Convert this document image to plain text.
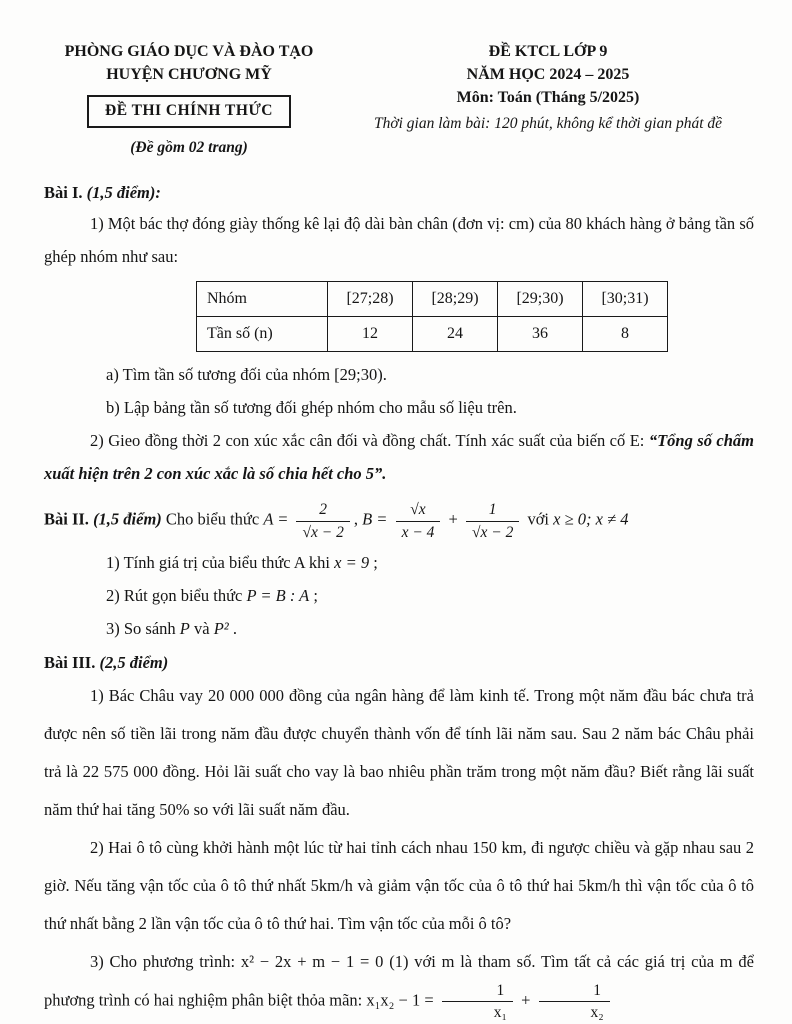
PHÒNG GIÁO DỤC VÀ ĐÀO TẠO
HUYỆN CHƯƠNG MỸ
ĐỀ THI CHÍNH THỨC
(Đề gồm 02 trang)
ĐỀ KTCL LỚP 9
NĂM HỌC 2024 – 2025
Môn: Toán (Tháng 5/2025)
Thời gian làm bài: 120 phút, không kể thời gian phát đề

Bài I. (1,5 điểm):

1) Một bác thợ đóng giày thống kê lại độ dài bàn chân (đơn vị: cm) của 80 khách hàng ở bảng tần số ghép nhóm như sau:

Nhóm	[27;28)	[28;29)	[29;30)	[30;31)
Tần số (n)	12	24	36	8

a) Tìm tần số tương đối của nhóm [29;30).

b) Lập bảng tần số tương đối ghép nhóm cho mẫu số liệu trên.

2) Gieo đồng thời 2 con xúc xắc cân đối và đồng chất. Tính xác suất của biến cố E: “Tổng số chấm xuất hiện trên 2 con xúc xắc là số chia hết cho 5”.

Bài II. (1,5 điểm) Cho biểu thức $A = \frac{2}{√x - 2}$ , $B = \frac{√x}{x - 4} + \frac{1}{√x - 2}$ với x ≥ 0; x ≠ 4

1) Tính giá trị của biểu thức A khi x = 9 ;

2) Rút gọn biểu thức P = B : A ;

3) So sánh P và P² .

Bài III. (2,5 điểm)

1) Bác Châu vay 20 000 000 đồng của ngân hàng để làm kinh tế. Trong một năm đầu bác chưa trả được nên số tiền lãi trong năm đầu được chuyển thành vốn để tính lãi năm sau. Sau 2 năm bác Châu phải trả là 22 575 000 đồng. Hỏi lãi suất cho vay là bao nhiêu phần trăm trong một năm đầu? Biết rằng lãi suất năm thứ hai tăng 50% so với lãi suất năm đầu.

2) Hai ô tô cùng khởi hành một lúc từ hai tỉnh cách nhau 150 km, đi ngược chiều và gặp nhau sau 2 giờ. Nếu tăng vận tốc của ô tô thứ nhất 5km/h và giảm vận tốc của ô tô thứ hai 5km/h thì vận tốc của ô tô thứ nhất bằng 2 lần vận tốc của ô tô thứ hai. Tìm vận tốc của mỗi ô tô?

3) Cho phương trình: x² − 2x + m − 1 = 0 (1) với m là tham số. Tìm tất cả các giá trị của m để phương trình có hai nghiệm phân biệt thỏa mãn: $x_1x_2 - 1 = \frac{1}{\text{x₁}} + \frac{1}{\text{x₂}}$
